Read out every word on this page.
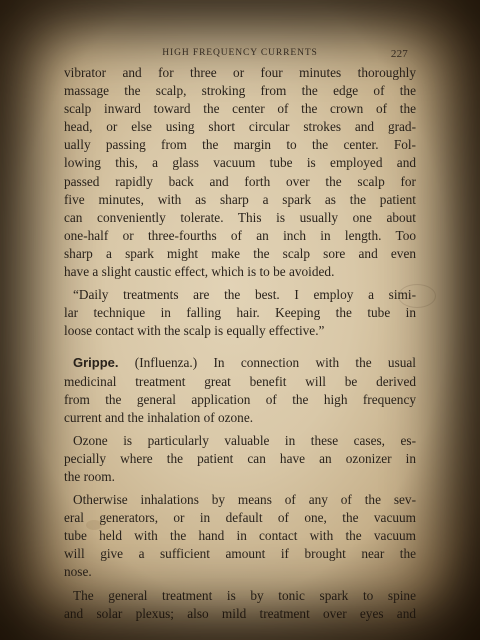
HIGH FREQUENCY CURRENTS	227

vibrator and for three or four minutes thoroughly

massage the scalp, stroking from the edge of the

scalp inward toward the center of the crown of the

head, or else using short circular strokes and grad-

ually passing from the margin to the center. Fol-

lowing this, a glass vacuum tube is employed and

passed rapidly back and forth over the scalp for

five minutes, with as sharp a spark as the patient

can conveniently tolerate. This is usually one about

one-half or three-fourths of an inch in length. Too

sharp a spark might make the scalp sore and even

have a slight caustic effect, which is to be avoided.

“Daily treatments are the best. I employ a simi-

lar technique in falling hair. Keeping the tube in

loose contact with the scalp is equally effective.”

Grippe. (Influenza.) In connection with the usual

medicinal treatment great benefit will be derived

from the general application of the high frequency

current and the inhalation of ozone.

Ozone is particularly valuable in these cases, es-

pecially where the patient can have an ozonizer in

the room.

Otherwise inhalations by means of any of the sev-

eral generators, or in default of one, the vacuum

tube held with the hand in contact with the vacuum

will give a sufficient amount if brought near the

nose.

The general treatment is by tonic spark to spine

and solar plexus; also mild treatment over eyes and
